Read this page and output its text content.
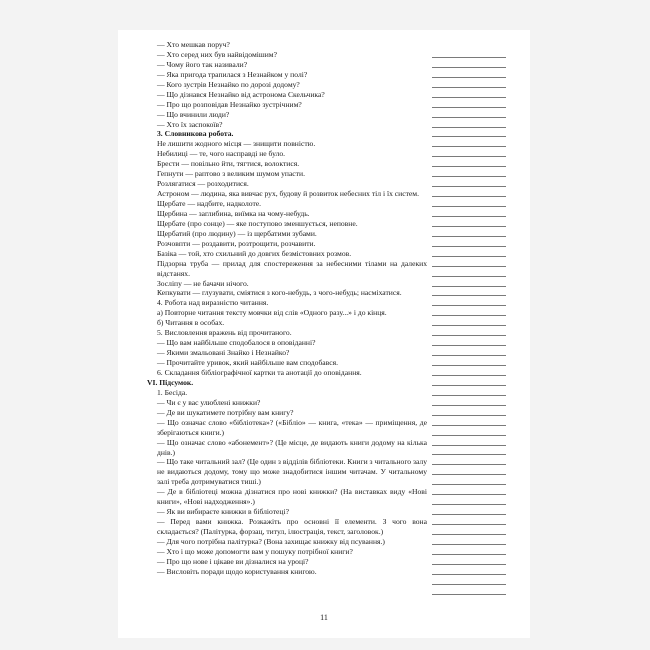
— Хто мешкав поруч?
— Хто серед них був найвідомішим?
— Чому його так називали?
— Яка пригода трапилася з Незнайком у полі?
— Кого зустрів Незнайко по дорозі додому?
— Що дізнався Незнайко від астронома Скельчика?
— Про що розповідав Незнайко зустрічним?
— Що вчинили люди?
— Хто їх заспокоїв?
3. Словникова робота.
Не лишити жодного місця — знищити повністю.
Небилиці — те, чого насправді не було.
Брести — повільно йти, тягтися, волоктися.
Гепнути — раптово з великим шумом упасти.
Розлягатися — розходитися.
Астроном — людина, яка вивчає рух, будову й розвиток небесних тіл і їх систем.
Щербате — надбите, надколоте.
Щербина — заглибина, виїмка на чому-небудь.
Щербате (про сонце) — яке поступово зменшується, неповне.
Щербатий (про людину) — із щербатими зубами.
Розчовпти — роздавити, розтрощити, розчавити.
Базіка — той, хто схильний до довгих безмістовних розмов.
Підзорна труба — прилад для спостереження за небесними тілами на далеких відстанях.
Зосліпу — не бачачи нічого.
Кепкувати — глузувати, сміятися з кого-небудь, з чого-небудь; насміхатися.
4. Робота над виразністю читання.
а) Повторне читання тексту мовчки від слів «Одного разу...» і до кінця.
б) Читання в особах.
5. Висловлення вражень від прочитаного.
— Що вам найбільше сподобалося в оповіданні?
— Якими змальовані Знайко і Незнайко?
— Прочитайте уривок, який найбільше вам сподобався.
6. Складання бібліографічної картки та анотації до оповідання.
VI. Підсумок.
1. Бесіда.
— Чи є у вас улюблені книжки?
— Де ви шукатимете потрібну вам книгу?
— Що означає слово «бібліотека»? («Бібліо» — книга, «тека» — приміщення, де зберігаються книги.)
— Що означає слово «абонемент»? (Це місце, де видають книги додому на кілька днів.)
— Що таке читальний зал? (Це один з відділів бібліотеки. Книги з читального залу не видаються додому, тому що може знадобитися іншим читачам. У читальному залі треба дотримуватися тиші.)
— Де в бібліотеці можна дізнатися про нові книжки? (На виставках виду «Нові книги», «Нові надходження».)
— Як ви вибираєте книжки в бібліотеці?
— Перед вами книжка. Розкажіть про основні її елементи. З чого вона складається? (Палітурка, форзац, титул, ілюстрація, текст, заголовок.)
— Для чого потрібна палітурка? (Вона захищає книжку від псування.)
— Хто і що може допомогти вам у пошуку потрібної книги?
— Про що нове і цікаве ви дізналися на уроці?
— Висловіть поради щодо користування книгою.
11
